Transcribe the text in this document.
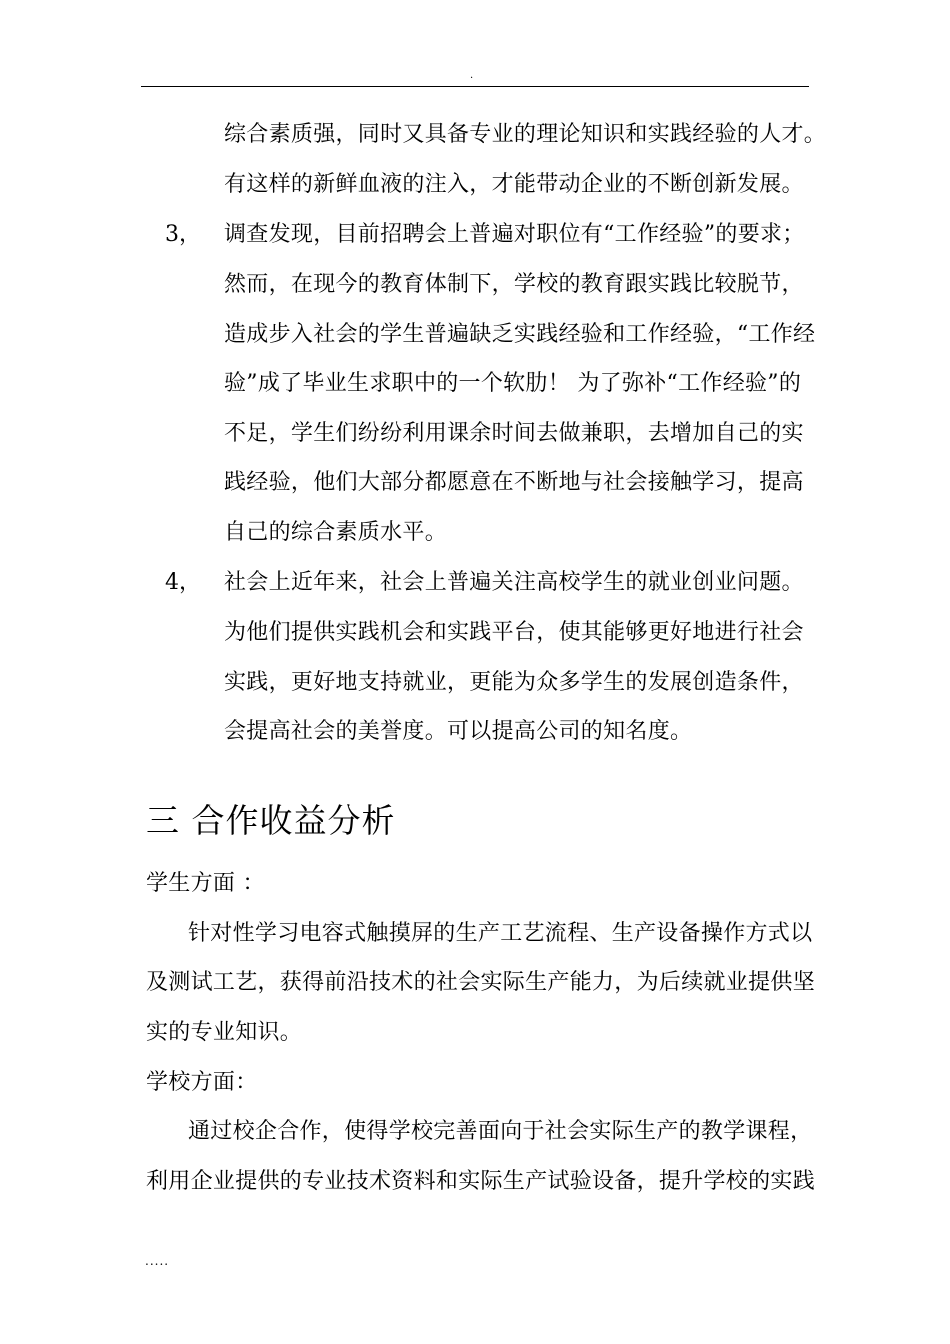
.
综合素质强，同时又具备专业的理论知识和实践经验的人才。
有这样的新鲜血液的注入，才能带动企业的不断创新发展。
3， 调查发现，目前招聘会上普遍对职位有“工作经验”的要求；
然而，在现今的教育体制下，学校的教育跟实践比较脱节，
造成步入社会的学生普遍缺乏实践经验和工作经验，“工作经
验”成了毕业生求职中的一个软肋！ 为了弥补“工作经验”的
不足，学生们纷纷利用课余时间去做兼职，去增加自己的实
践经验，他们大部分都愿意在不断地与社会接触学习，提高
自己的综合素质水平。
4， 社会上近年来，社会上普遍关注高校学生的就业创业问题。
为他们提供实践机会和实践平台，使其能够更好地进行社会
实践，更好地支持就业，更能为众多学生的发展创造条件，
会提高社会的美誉度。可以提高公司的知名度。
三 合作收益分析
学生方面 ：
针对性学习电容式触摸屏的生产工艺流程、生产设备操作方式以
及测试工艺，获得前沿技术的社会实际生产能力，为后续就业提供坚
实的专业知识。
学校方面：
通过校企合作，使得学校完善面向于社会实际生产的教学课程，
利用企业提供的专业技术资料和实际生产试验设备，提升学校的实践
.....
